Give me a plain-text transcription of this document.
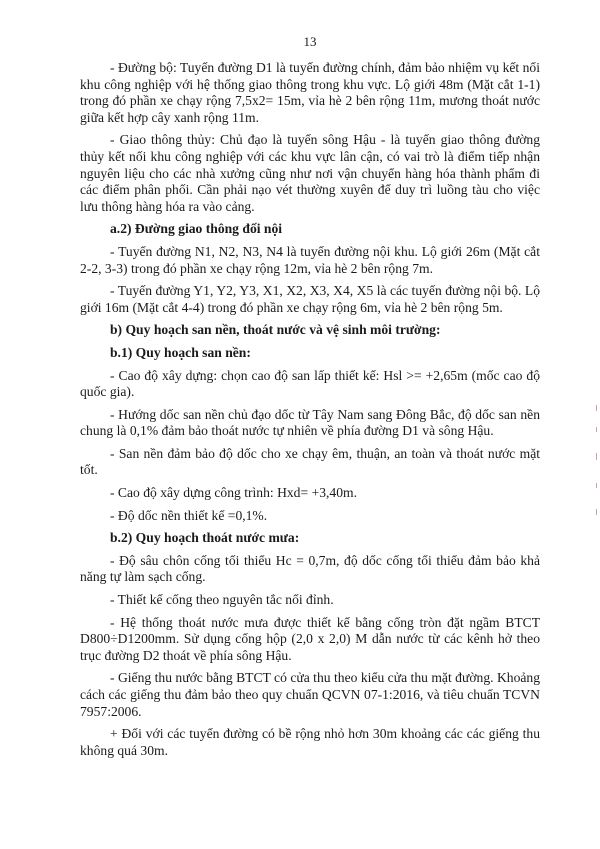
13

- Đường bộ: Tuyến đường D1 là tuyến đường chính, đảm bảo nhiệm vụ kết nối khu công nghiệp với hệ thống giao thông trong khu vực. Lộ giới 48m (Mặt cắt 1-1) trong đó phần xe chạy rộng 7,5x2= 15m, vỉa hè 2 bên rộng 11m, mương thoát nước giữa kết hợp cây xanh rộng 11m.

- Giao thông thủy: Chủ đạo là tuyến sông Hậu - là tuyến giao thông đường thủy kết nối khu công nghiệp với các khu vực lân cận, có vai trò là điểm tiếp nhận nguyên liệu cho các nhà xưởng cũng như nơi vận chuyển hàng hóa thành phẩm đi các điểm phân phối. Cần phải nạo vét thường xuyên để duy trì luồng tàu cho việc lưu thông hàng hóa ra vào cảng.

a.2) Đường giao thông đối nội

- Tuyến đường N1, N2, N3, N4 là tuyến đường nội khu. Lộ giới 26m (Mặt cắt 2-2, 3-3) trong đó phần xe chạy rộng 12m, vỉa hè 2 bên rộng 7m.

- Tuyến đường Y1, Y2, Y3, X1, X2, X3, X4, X5 là các tuyến đường nội bộ. Lộ giới 16m (Mặt cắt 4-4) trong đó phần xe chạy rộng 6m, vỉa hè 2 bên rộng 5m.

b) Quy hoạch san nền, thoát nước và vệ sinh môi trường:

b.1) Quy hoạch san nền:

- Cao độ xây dựng: chọn cao độ san lấp thiết kế: Hsl >= +2,65m (mốc cao độ quốc gia).

- Hướng dốc san nền chủ đạo dốc từ Tây Nam sang Đông Bắc, độ dốc san nền chung là 0,1% đảm bảo thoát nước tự nhiên về phía đường D1 và sông Hậu.

- San nền đảm bảo độ dốc cho xe chạy êm, thuận, an toàn và thoát nước mặt tốt.

- Cao độ xây dựng công trình: Hxd= +3,40m.

- Độ dốc nền thiết kế =0,1%.

b.2) Quy hoạch thoát nước mưa:

- Độ sâu chôn cống tối thiểu Hc = 0,7m, độ dốc cống tối thiểu đảm bảo khả năng tự làm sạch cống.

- Thiết kế cống theo nguyên tắc nối đỉnh.

- Hệ thống thoát nước mưa được thiết kế bằng cống tròn đặt ngầm BTCT D800÷D1200mm. Sử dụng cống hộp (2,0 x 2,0) M dẫn nước từ các kênh hở theo trục đường D2 thoát về phía sông Hậu.

- Giếng thu nước bằng BTCT có cửa thu theo kiểu cửa thu mặt đường. Khoảng cách các giếng thu đảm bảo theo quy chuẩn QCVN 07-1:2016, và tiêu chuẩn TCVN 7957:2006.

+ Đối với các tuyến đường có bề rộng nhỏ hơn 30m khoảng các các giếng thu không quá 30m.
